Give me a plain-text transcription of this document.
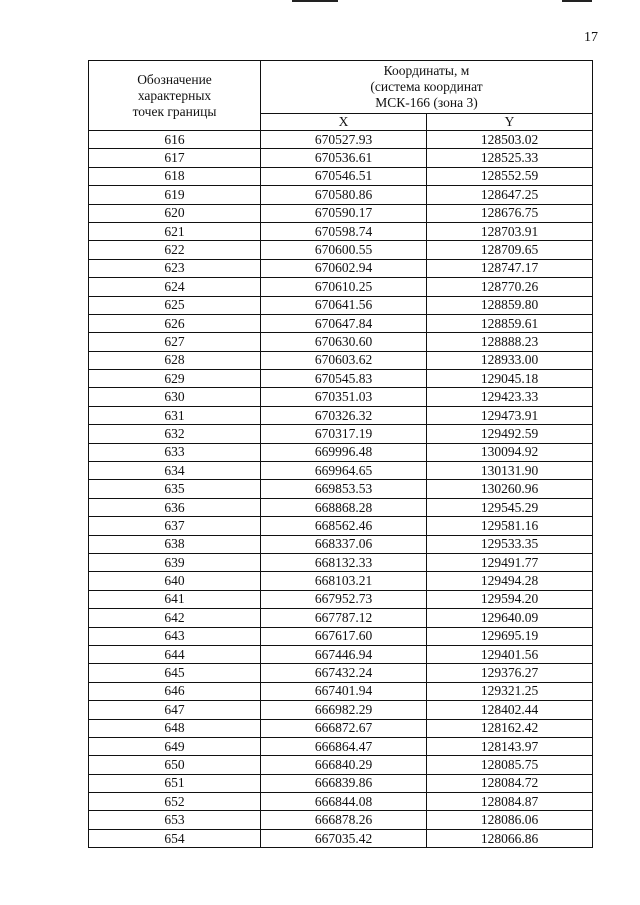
17
Обозначение
характерных
точек границы	Координаты, м
(система координат
МСК-166 (зона 3)	

	X	Y
616	670527.93	128503.02
617	670536.61	128525.33
618	670546.51	128552.59
619	670580.86	128647.25
620	670590.17	128676.75
621	670598.74	128703.91
622	670600.55	128709.65
623	670602.94	128747.17
624	670610.25	128770.26
625	670641.56	128859.80
626	670647.84	128859.61
627	670630.60	128888.23
628	670603.62	128933.00
629	670545.83	129045.18
630	670351.03	129423.33
631	670326.32	129473.91
632	670317.19	129492.59
633	669996.48	130094.92
634	669964.65	130131.90
635	669853.53	130260.96
636	668868.28	129545.29
637	668562.46	129581.16
638	668337.06	129533.35
639	668132.33	129491.77
640	668103.21	129494.28
641	667952.73	129594.20
642	667787.12	129640.09
643	667617.60	129695.19
644	667446.94	129401.56
645	667432.24	129376.27
646	667401.94	129321.25
647	666982.29	128402.44
648	666872.67	128162.42
649	666864.47	128143.97
650	666840.29	128085.75
651	666839.86	128084.72
652	666844.08	128084.87
653	666878.26	128086.06
654	667035.42	128066.86
